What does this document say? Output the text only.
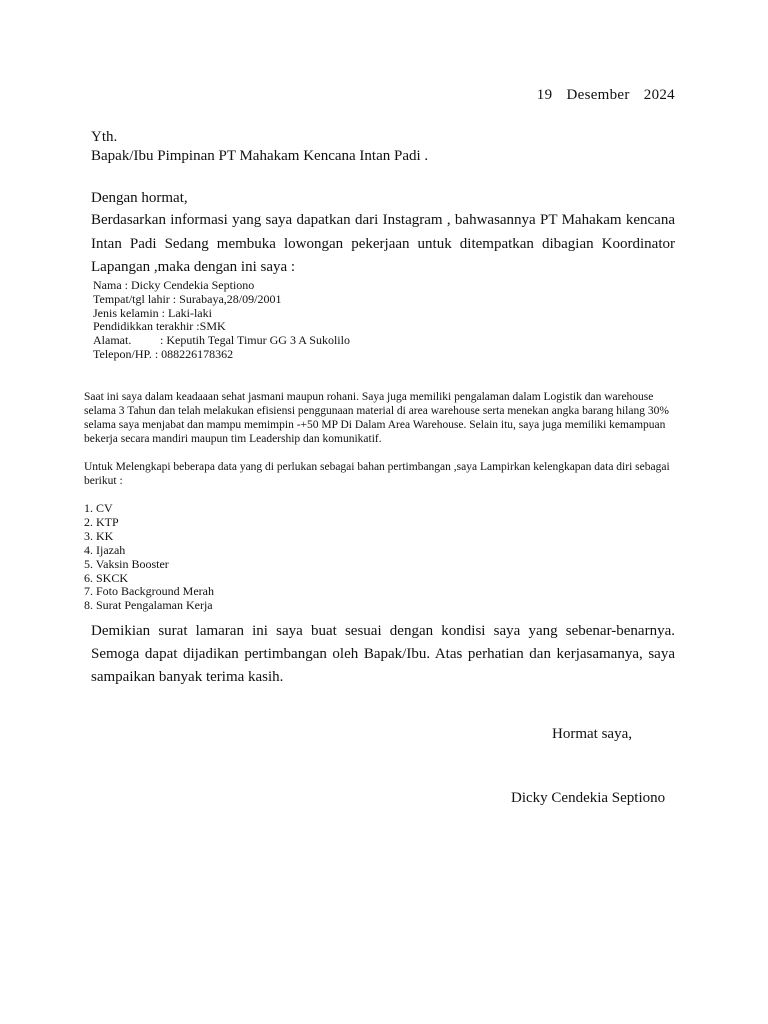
19  Desember  2024
Yth.
Bapak/Ibu Pimpinan PT Mahakam Kencana Intan Padi .
Dengan hormat,
Berdasarkan informasi yang saya dapatkan dari Instagram , bahwasannya PT Mahakam kencana Intan Padi Sedang membuka lowongan pekerjaan untuk ditempatkan dibagian Koordinator Lapangan ,maka dengan ini saya :
Nama : Dicky Cendekia Septiono
Tempat/tgl lahir : Surabaya,28/09/2001
Jenis kelamin : Laki-laki
Pendidikkan terakhir :SMK
Alamat. : Keputih Tegal Timur GG 3 A Sukolilo
Telepon/HP. : 088226178362
Saat ini saya dalam keadaaan sehat jasmani maupun rohani. Saya juga memiliki pengalaman dalam Logistik dan warehouse selama 3 Tahun dan telah melakukan efisiensi penggunaan material di area warehouse serta menekan angka barang hilang 30% selama saya menjabat dan mampu memimpin -+50 MP Di Dalam Area Warehouse. Selain itu, saya juga memiliki kemampuan bekerja secara mandiri maupun tim Leadership dan komunikatif.
Untuk Melengkapi beberapa data yang di perlukan sebagai bahan pertimbangan ,saya Lampirkan kelengkapan data diri sebagai berikut :
1. CV
2. KTP
3. KK
4. Ijazah
5. Vaksin Booster
6. SKCK
7. Foto Background Merah
8. Surat Pengalaman Kerja
Demikian surat lamaran ini saya buat sesuai dengan kondisi saya yang sebenar-benarnya. Semoga dapat dijadikan pertimbangan oleh Bapak/Ibu. Atas perhatian dan kerjasamanya, saya sampaikan banyak terima kasih.
Hormat saya,
Dicky Cendekia Septiono
